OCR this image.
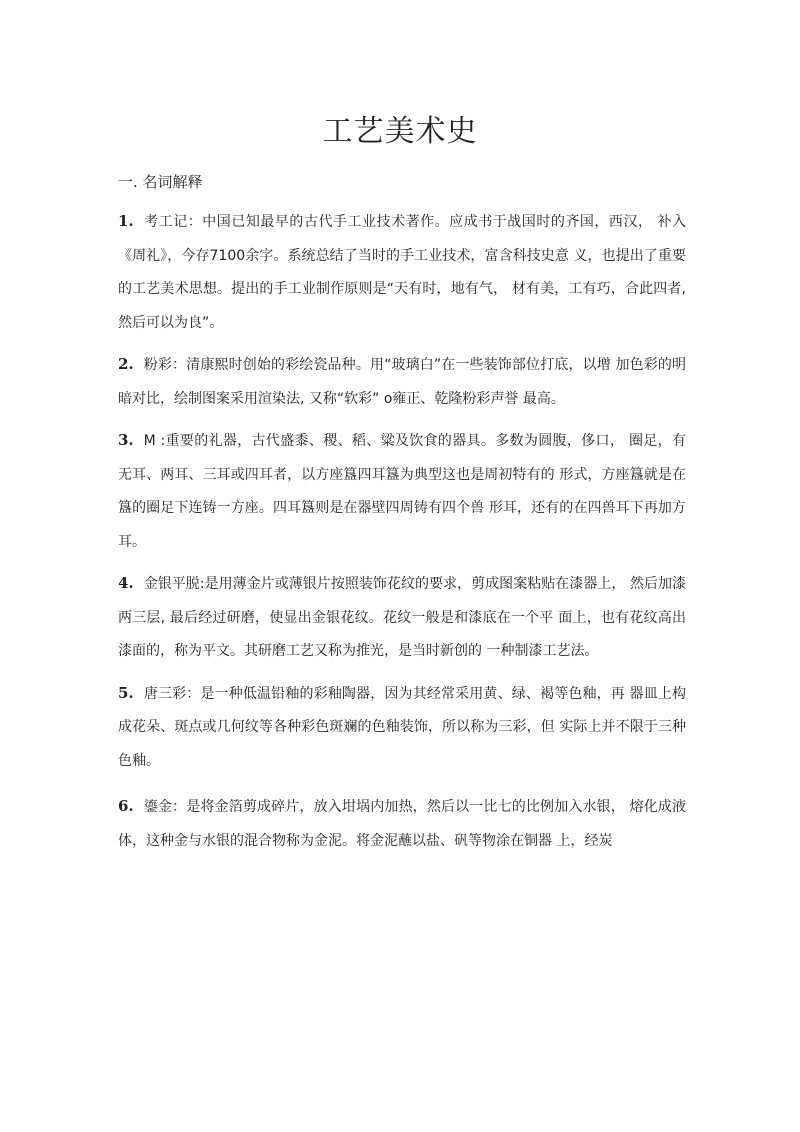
工艺美术史

一. 名词解释

1. 考工记：中国已知最早的古代手工业技术著作。应成书于战国时的齐国，西汉， 补入《周礼》，今存7100余字。系统总结了当时的手工业技术，富含科技史意 义，也提出了重要的工艺美术思想。提出的手工业制作原则是“天有时，地有气， 材有美，工有巧，合此四者, 然后可以为良”。

2. 粉彩：清康熙时创始的彩绘瓷品种。用“玻璃白”在一些装饰部位打底，以增 加色彩的明暗对比，绘制图案采用渲染法, 又称“软彩” o雍正、乾隆粉彩声誉 最高。

3. M :重要的礼器，古代盛黍、稷、稻、粱及饮食的器具。多数为圆腹，侈口， 圈足，有无耳、两耳、三耳或四耳者，以方座簋四耳簋为典型这也是周初特有的 形式，方座簋就是在簋的圈足下连铸一方座。四耳簋则是在器壁四周铸有四个兽 形耳，还有的在四兽耳下再加方耳。

4. 金银平脱:是用薄金片或薄银片按照装饰花纹的要求，剪成图案粘贴在漆器上， 然后加漆两三层, 最后经过研磨，使显出金银花纹。花纹一般是和漆底在一个平 面上，也有花纹高出漆面的，称为平文。其研磨工艺又称为推光，是当时新创的 一种制漆工艺法。

5. 唐三彩：是一种低温铅釉的彩釉陶器，因为其经常采用黄、绿、褐等色釉，再 器皿上构成花朵、斑点或几何纹等各种彩色斑斓的色釉装饰，所以称为三彩，但 实际上并不限于三种色釉。

6. 鎏金：是将金箔剪成碎片，放入坩埚内加热，然后以一比七的比例加入水银， 熔化成液体，这种金与水银的混合物称为金泥。将金泥蘸以盐、矾等物涂在铜器 上，经炭
